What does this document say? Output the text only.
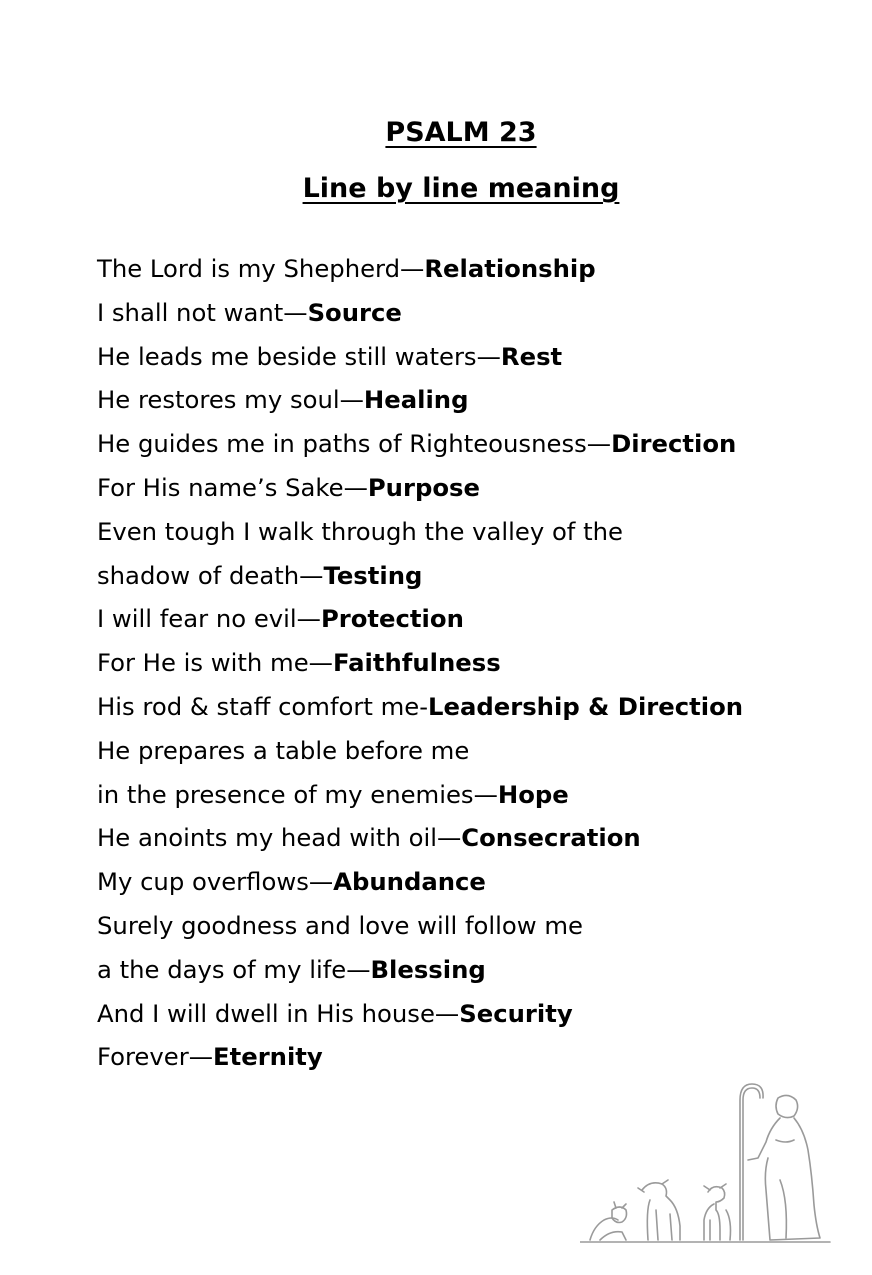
PSALM 23
Line by line meaning
The Lord is my Shepherd—Relationship
I shall not want—Source
He leads me beside still waters—Rest
He restores my soul—Healing
He guides me in paths of Righteousness—Direction
For His name’s Sake—Purpose
Even tough I walk through the valley of the
shadow of death—Testing
I will fear no evil—Protection
For He is with me—Faithfulness
His rod & staff comfort me-Leadership & Direction
He prepares a table before me
in the presence of my enemies—Hope
He anoints my head with oil—Consecration
My cup overflows—Abundance
Surely goodness and love will follow me
a the days of my life—Blessing
And I will dwell in His house—Security
Forever—Eternity
